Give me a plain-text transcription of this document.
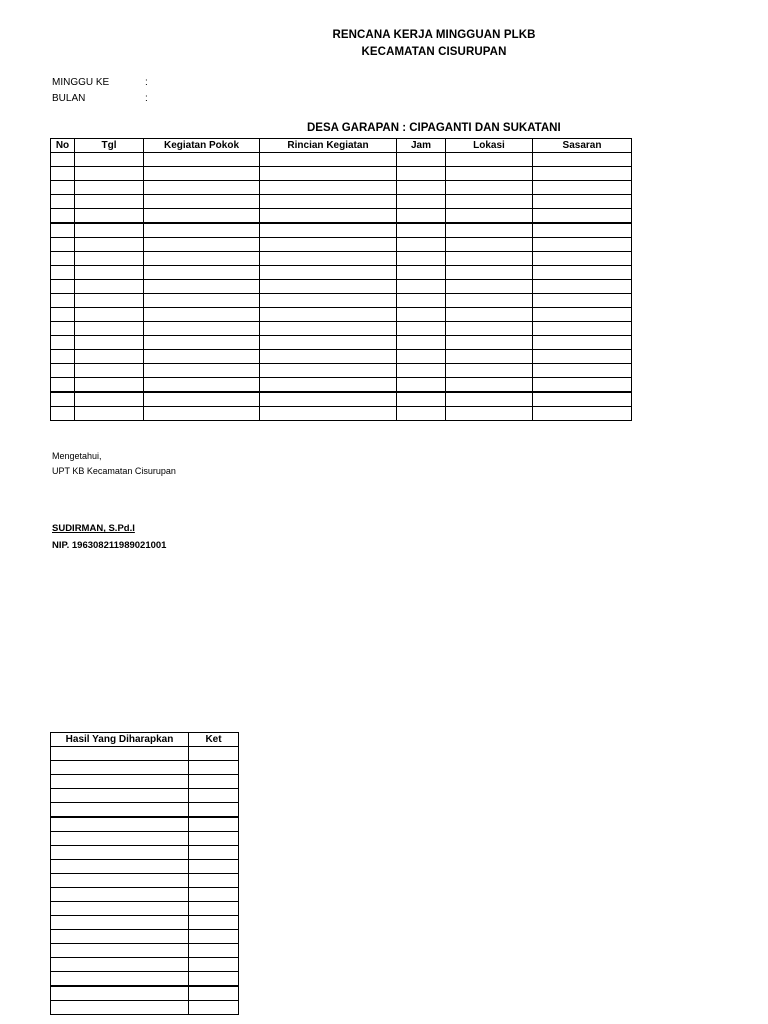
RENCANA KERJA MINGGUAN PLKB
KECAMATAN CISURUPAN
MINGGU KE	:
BULAN	:
DESA GARAPAN : CIPAGANTI DAN SUKATANI
No	Tgl	Kegiatan Pokok	Rincian Kegiatan	Jam	Lokasi	Sasaran

Mengetahui,
UPT KB Kecamatan Cisurupan
SUDIRMAN, S.Pd.I
NIP. 196308211989021001
Hasil Yang Diharapkan	Ket
